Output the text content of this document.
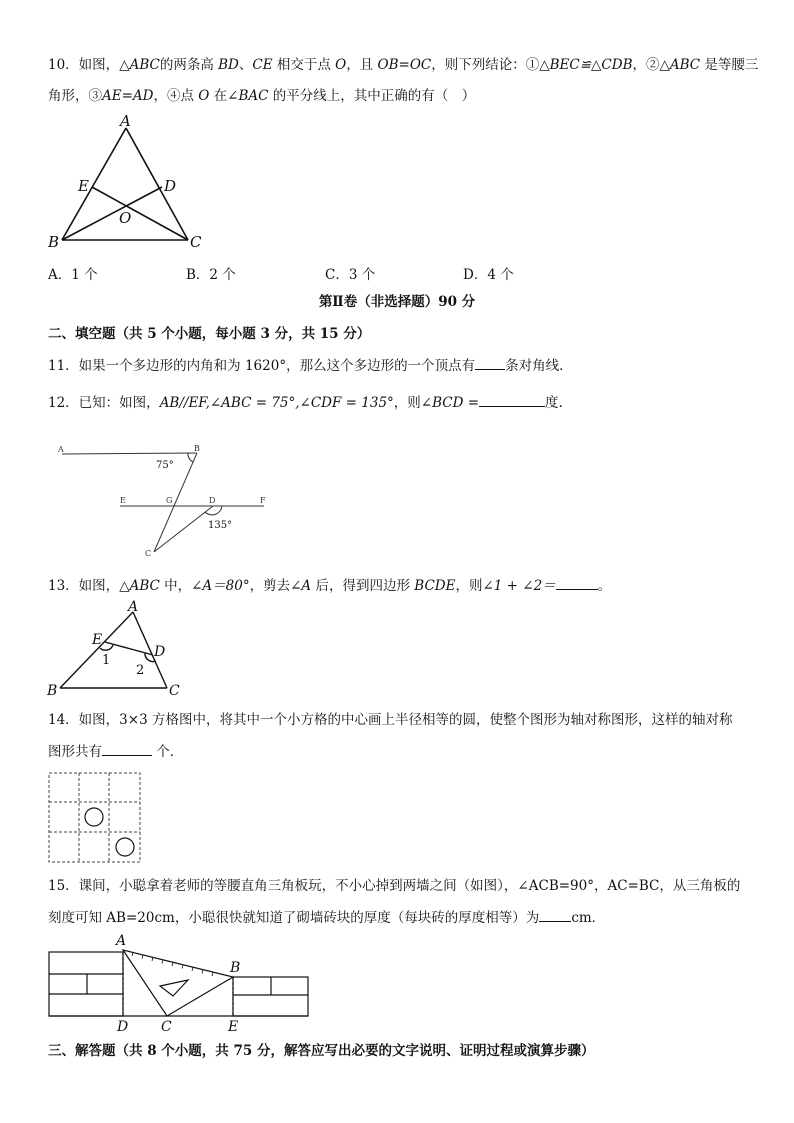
10．如图，△ABC的两条高 BD、CE 相交于点 O，且 OB=OC，则下列结论：①△BEC≌△CDB，②△ABC 是等腰三
角形，③AE=AD，④点 O 在∠BAC 的平分线上，其中正确的有（　）
A
B	C
D
E
O
A．1 个	B．2 个	C．3 个	D．4 个
第Ⅱ卷（非选择题）90 分
二、填空题（共 5 个小题，每小题 3 分，共 15 分）
11．如果一个多边形的内角和为 1620°，那么这个多边形的一个顶点有 条对角线．
12．已知：如图，AB//EF,∠ABC = 75°,∠CDF = 135°，则∠BCD =	度.
A	B
E	G	D	F
C
75°
135°
13．如图，△ABC 中，∠A＝80°，剪去∠A 后，得到四边形 BCDE，则∠1 + ∠2＝	。
A
B	C
D
E
1
2
14．如图，3×3 方格图中，将其中一个小方格的中心画上半径相等的圆，使整个图形为轴对称图形，这样的轴对称
图形共有	个．
15．课间，小聪拿着老师的等腰直角三角板玩，不小心掉到两墙之间（如图），∠ACB=90°，AC=BC，从三角板的
刻度可知 AB=20cm，小聪很快就知道了砌墙砖块的厚度（每块砖的厚度相等）为 cm．
A
B
C
D	E
三、解答题（共 8 个小题，共 75 分，解答应写出必要的文字说明、证明过程或演算步骤）
